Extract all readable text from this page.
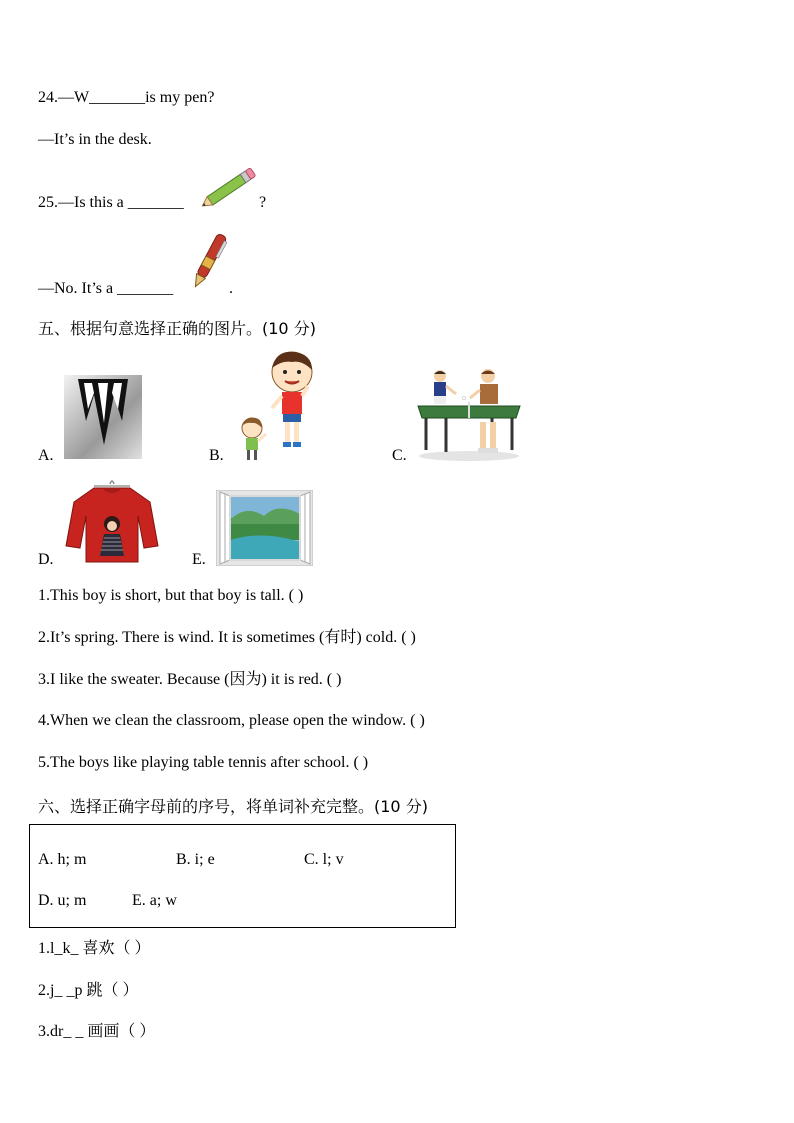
24.—W_______is my pen?
—It’s in the desk.
25.—Is this a _______	?
—No. It’s a _______	.
五、根据句意选择正确的图片。(10 分)
A.	B.	C.
D.	E.
1.This boy is short, but that boy is tall. ( )
2.It’s spring. There is wind. It is sometimes (有时) cold. ( )
3.I like the sweater. Because (因为) it is red. ( )
4.When we clean the classroom, please open the window. ( )
5.The boys like playing table tennis after school. ( )
六、选择正确字母前的序号，将单词补充完整。(10 分)
A. h; m	B. i; e	C. l; v
D. u; m	E. a; w
1.l_k_ 喜欢（ ）
2.j_ _p 跳（ ）
3.dr_ _ 画画（ ）
